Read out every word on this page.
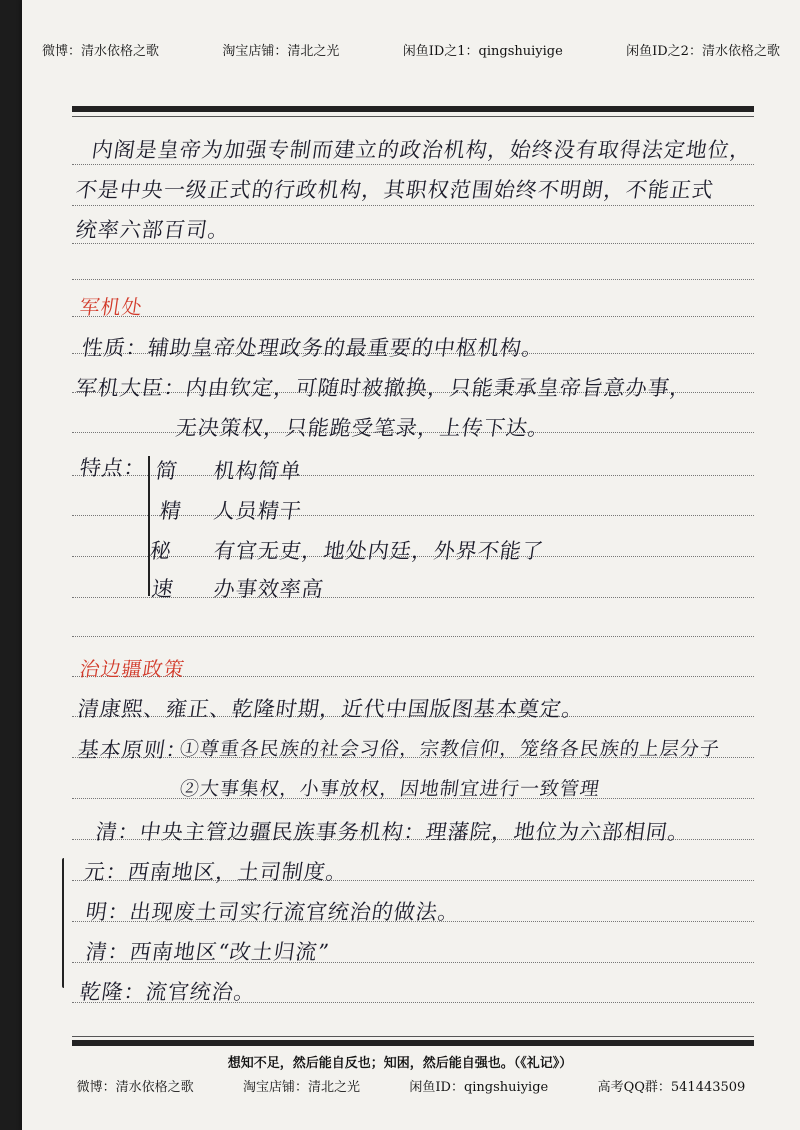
微博：清水依格之歌	淘宝店铺：清北之光	闲鱼ID之1：qingshuiyige	闲鱼ID之2：清水依格之歌
内阁是皇帝为加强专制而建立的政治机构，始终没有取得法定地位，
不是中央一级正式的行政机构，其职权范围始终不明朗，不能正式
统率六部百司。
军机处
性质：辅助皇帝处理政务的最重要的中枢机构。
军机大臣：内由钦定，可随时被撤换，只能秉承皇帝旨意办事，
无决策权，只能跪受笔录，上传下达。
特点： 简 机构简单
精 人员精干
秘 有官无吏，地处内廷，外界不能了
速 办事效率高
治边疆政策
清康熙、雍正、乾隆时期，近代中国版图基本奠定。
基本原则：
①尊重各民族的社会习俗，宗教信仰，笼络各民族的上层分子
②大事集权，小事放权，因地制宜进行一致管理
清：中央主管边疆民族事务机构：理藩院，地位为六部相同。
元：西南地区，土司制度。
明：出现废土司实行流官统治的做法。
清：西南地区“改土归流”
乾隆：流官统治。
想知不足，然后能自反也；知困，然后能自强也。（《礼记》）
微博：清水依格之歌	淘宝店铺：清北之光	闲鱼ID：qingshuiyige	高考QQ群：541443509
